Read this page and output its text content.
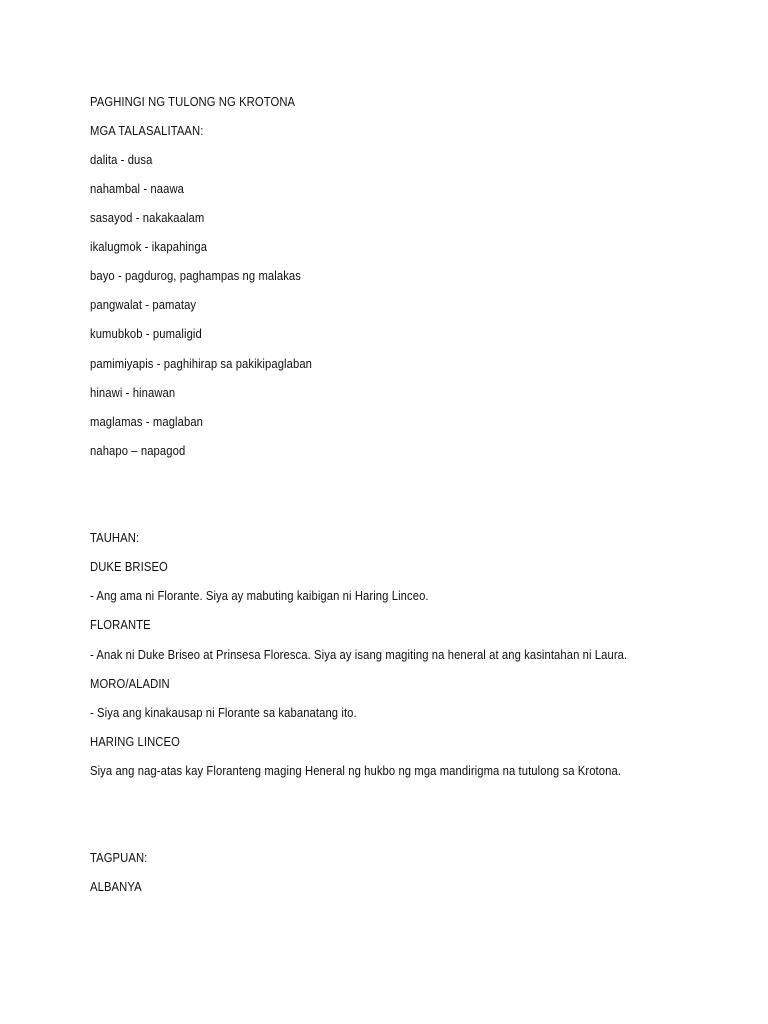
PAGHINGI NG TULONG NG KROTONA
MGA TALASALITAAN:
dalita - dusa
nahambal - naawa
sasayod - nakakaalam
ikalugmok - ikapahinga
bayo - pagdurog, paghampas ng malakas
pangwalat - pamatay
kumubkob - pumaligid
pamimiyapis - paghihirap sa pakikipaglaban
hinawi - hinawan
maglamas - maglaban
nahapo – napagod
TAUHAN:
DUKE BRISEO
- Ang ama ni Florante. Siya ay mabuting kaibigan ni Haring Linceo.
FLORANTE
- Anak ni Duke Briseo at Prinsesa Floresca. Siya ay isang magiting na heneral at ang kasintahan ni Laura.
MORO/ALADIN
- Siya ang kinakausap ni Florante sa kabanatang ito.
HARING LINCEO
Siya ang nag-atas kay Floranteng maging Heneral ng hukbo ng mga mandirigma na tutulong sa Krotona.
TAGPUAN:
ALBANYA
